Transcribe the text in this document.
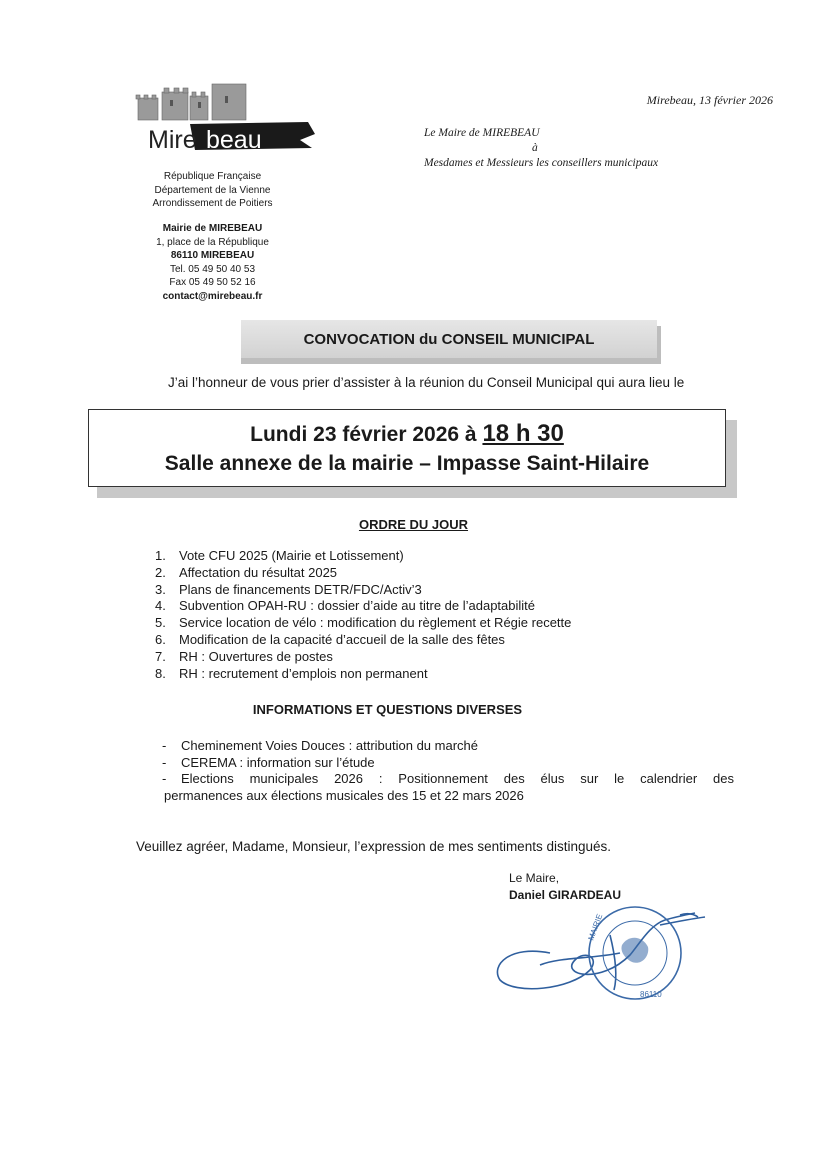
Mire beau
République Française
Département de la Vienne
Arrondissement de Poitiers
Mairie de MIREBEAU
1, place de la République
86110 MIREBEAU
Tel. 05 49 50 40 53
Fax 05 49 50 52 16
contact@mirebeau.fr
Mirebeau, 13 février 2026
Le Maire de MIREBEAU
à
Mesdames et Messieurs les conseillers municipaux
CONVOCATION du CONSEIL MUNICIPAL
J’ai l’honneur de vous prier d’assister à la réunion du Conseil Municipal qui aura lieu le
Lundi 23 février 2026 à 18 h 30
Salle annexe de la mairie – Impasse Saint-Hilaire
ORDRE DU JOUR
1.	Vote CFU 2025 (Mairie et Lotissement)
2.	Affectation du résultat 2025
3.	Plans de financements DETR/FDC/Activ’3
4.	Subvention OPAH-RU : dossier d’aide au titre de l’adaptabilité
5.	Service location de vélo : modification du règlement et Régie recette
6.	Modification de la capacité d’accueil de la salle des fêtes
7.	RH : Ouvertures de postes
8.	RH : recrutement d’emplois non permanent
INFORMATIONS ET QUESTIONS DIVERSES
-	Cheminement Voies Douces : attribution du marché
-	CEREMA : information sur l’étude
-	Elections municipales 2026 : Positionnement des élus sur le calendrier des
permanences aux élections musicales des 15 et 22 mars 2026
Veuillez agréer, Madame, Monsieur, l’expression de mes sentiments distingués.
Le Maire,
Daniel GIRARDEAU
MAIRIE
86110
